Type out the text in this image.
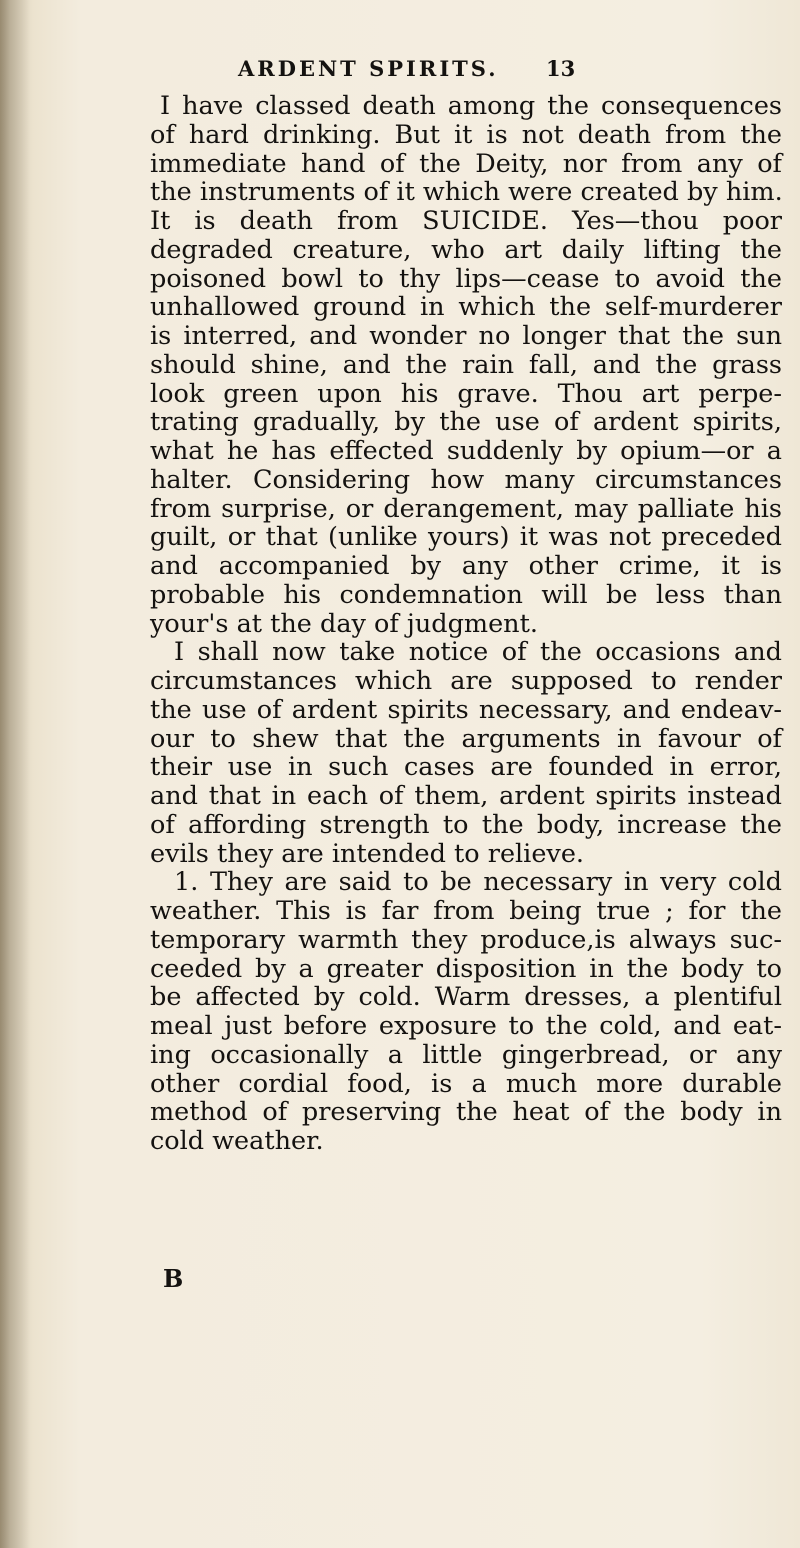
ARDENT SPIRITS. 13
I have classed death among the consequences
of hard drinking. But it is not death from the
immediate hand of the Deity, nor from any of
the instruments of it which were created by him.
It is death from SUICIDE. Yes—thou poor
degraded creature, who art daily lifting the
poisoned bowl to thy lips—cease to avoid the
unhallowed ground in which the self-murderer
is interred, and wonder no longer that the sun
should shine, and the rain fall, and the grass
look green upon his grave. Thou art perpe-
trating gradually, by the use of ardent spirits,
what he has effected suddenly by opium—or a
halter. Considering how many circumstances
from surprise, or derangement, may palliate his
guilt, or that (unlike yours) it was not preceded
and accompanied by any other crime, it is
probable his condemnation will be less than
your's at the day of judgment.
I shall now take notice of the occasions and
circumstances which are supposed to render
the use of ardent spirits necessary, and endeav-
our to shew that the arguments in favour of
their use in such cases are founded in error,
and that in each of them, ardent spirits instead
of affording strength to the body, increase the
evils they are intended to relieve.
1. They are said to be necessary in very cold
weather. This is far from being true ; for the
temporary warmth they produce,is always suc-
ceeded by a greater disposition in the body to
be affected by cold. Warm dresses, a plentiful
meal just before exposure to the cold, and eat-
ing occasionally a little gingerbread, or any
other cordial food, is a much more durable
method of preserving the heat of the body in
cold weather.
B
